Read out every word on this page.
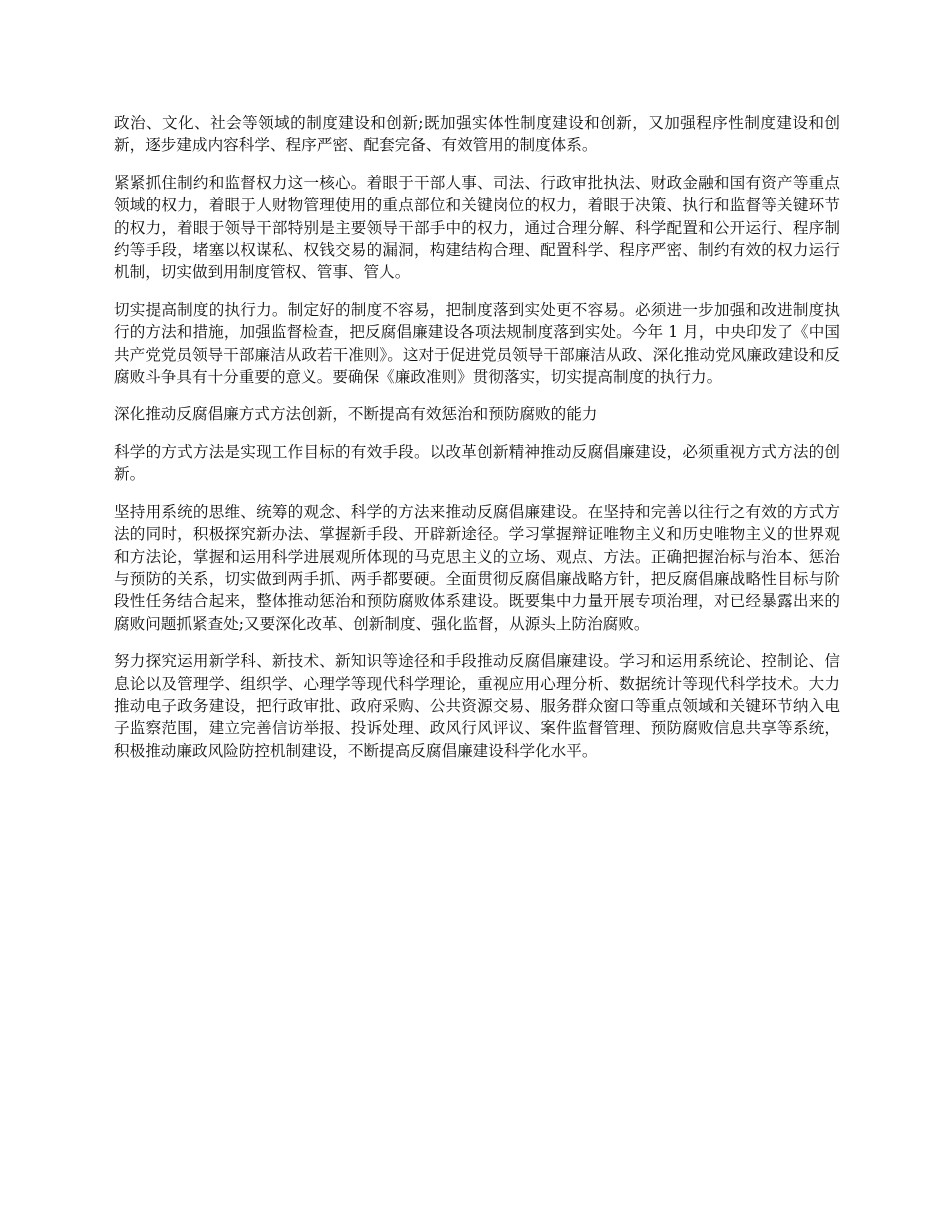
政治、文化、社会等领域的制度建设和创新;既加强实体性制度建设和创新，又加强程序性制度建设和创新，逐步建成内容科学、程序严密、配套完备、有效管用的制度体系。

紧紧抓住制约和监督权力这一核心。着眼于干部人事、司法、行政审批执法、财政金融和国有资产等重点领域的权力，着眼于人财物管理使用的重点部位和关键岗位的权力，着眼于决策、执行和监督等关键环节的权力，着眼于领导干部特别是主要领导干部手中的权力，通过合理分解、科学配置和公开运行、程序制约等手段，堵塞以权谋私、权钱交易的漏洞，构建结构合理、配置科学、程序严密、制约有效的权力运行机制，切实做到用制度管权、管事、管人。

切实提高制度的执行力。制定好的制度不容易，把制度落到实处更不容易。必须进一步加强和改进制度执行的方法和措施，加强监督检查，把反腐倡廉建设各项法规制度落到实处。今年 1 月，中央印发了《中国共产党党员领导干部廉洁从政若干准则》。这对于促进党员领导干部廉洁从政、深化推动党风廉政建设和反腐败斗争具有十分重要的意义。要确保《廉政准则》贯彻落实，切实提高制度的执行力。

深化推动反腐倡廉方式方法创新，不断提高有效惩治和预防腐败的能力

科学的方式方法是实现工作目标的有效手段。以改革创新精神推动反腐倡廉建设，必须重视方式方法的创新。

坚持用系统的思维、统筹的观念、科学的方法来推动反腐倡廉建设。在坚持和完善以往行之有效的方式方法的同时，积极探究新办法、掌握新手段、开辟新途径。学习掌握辩证唯物主义和历史唯物主义的世界观和方法论，掌握和运用科学进展观所体现的马克思主义的立场、观点、方法。正确把握治标与治本、惩治与预防的关系，切实做到两手抓、两手都要硬。全面贯彻反腐倡廉战略方针，把反腐倡廉战略性目标与阶段性任务结合起来，整体推动惩治和预防腐败体系建设。既要集中力量开展专项治理，对已经暴露出来的腐败问题抓紧查处;又要深化改革、创新制度、强化监督，从源头上防治腐败。

努力探究运用新学科、新技术、新知识等途径和手段推动反腐倡廉建设。学习和运用系统论、控制论、信息论以及管理学、组织学、心理学等现代科学理论，重视应用心理分析、数据统计等现代科学技术。大力推动电子政务建设，把行政审批、政府采购、公共资源交易、服务群众窗口等重点领域和关键环节纳入电子监察范围，建立完善信访举报、投诉处理、政风行风评议、案件监督管理、预防腐败信息共享等系统，积极推动廉政风险防控机制建设，不断提高反腐倡廉建设科学化水平。
